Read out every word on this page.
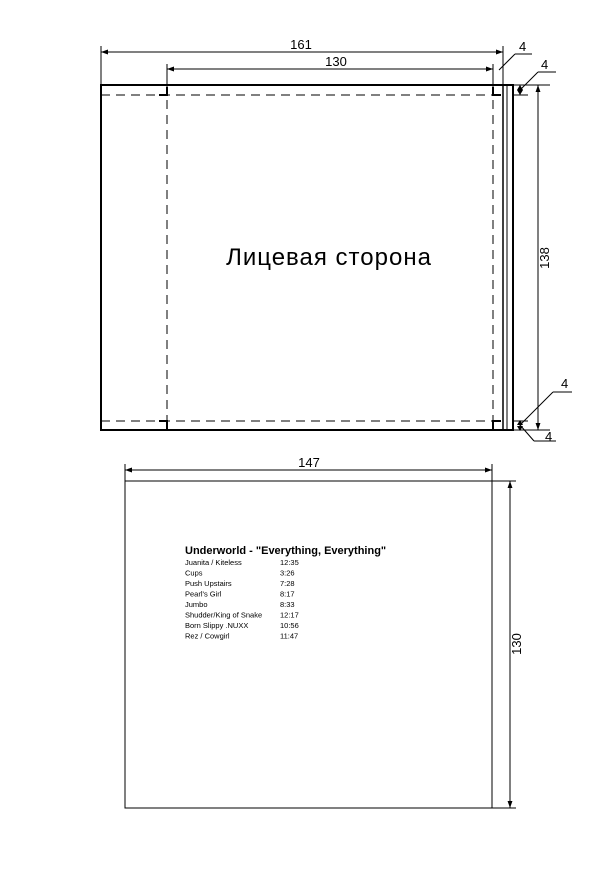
161
130
4
4
138
4
4
Лицевая сторона
147
130
Underworld - "Everything, Everything"
Juanita / Kiteless	12:35
Cups	3:26
Push Upstairs	7:28
Pearl's Girl	8:17
Jumbo	8:33
Shudder/King of Snake 12:17
Born Slippy .NUXX	10:56
Rez / Cowgirl	11:47
